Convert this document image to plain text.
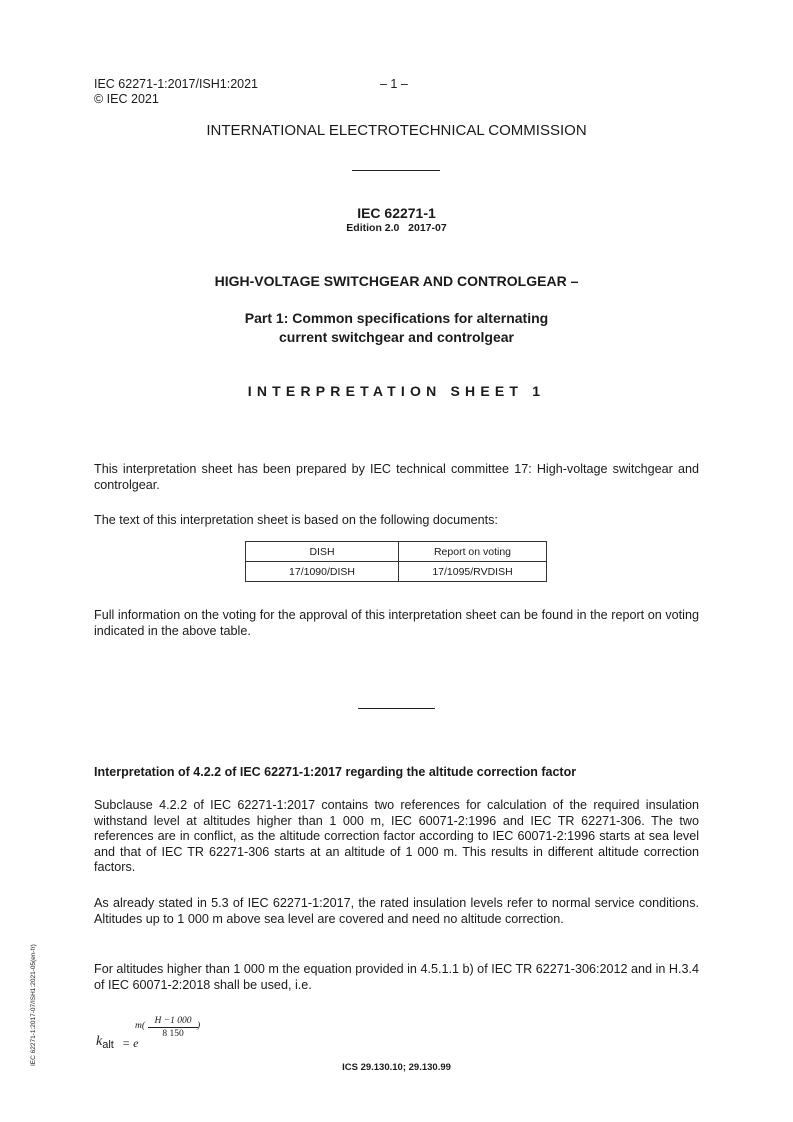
IEC 62271-1:2017/ISH1:2021	– 1 –
© IEC 2021
INTERNATIONAL ELECTROTECHNICAL COMMISSION
IEC 62271-1
Edition 2.0   2017-07
HIGH-VOLTAGE SWITCHGEAR AND CONTROLGEAR –
Part 1: Common specifications for alternating
current switchgear and controlgear
INTERPRETATION SHEET 1
This interpretation sheet has been prepared by IEC technical committee 17: High-voltage switchgear and controlgear.
The text of this interpretation sheet is based on the following documents:
DISH	Report on voting
17/1090/DISH	17/1095/RVDISH
Full information on the voting for the approval of this interpretation sheet can be found in the report on voting indicated in the above table.
Interpretation of 4.2.2 of IEC 62271-1:2017 regarding the altitude correction factor
Subclause 4.2.2 of IEC 62271-1:2017 contains two references for calculation of the required insulation withstand level at altitudes higher than 1 000 m, IEC 60071-2:1996 and IEC TR 62271-306. The two references are in conflict, as the altitude correction factor according to IEC 60071-2:1996 starts at sea level and that of IEC TR 62271-306 starts at an altitude of 1 000 m. This results in different altitude correction factors.
As already stated in 5.3 of IEC 62271-1:2017, the rated insulation levels refer to normal service conditions. Altitudes up to 1 000 m above sea level are covered and need no altitude correction.
For altitudes higher than 1 000 m the equation provided in 4.5.1.1 b) of IEC TR 62271-306:2012 and in H.3.4 of IEC 60071-2:2018 shall be used, i.e.
$k_{alt} = e$
m( H −1 000
8 150
)
ICS 29.130.10; 29.130.99
IEC 62271-1:2017-07/ISH1:2021-05(en-fr)
